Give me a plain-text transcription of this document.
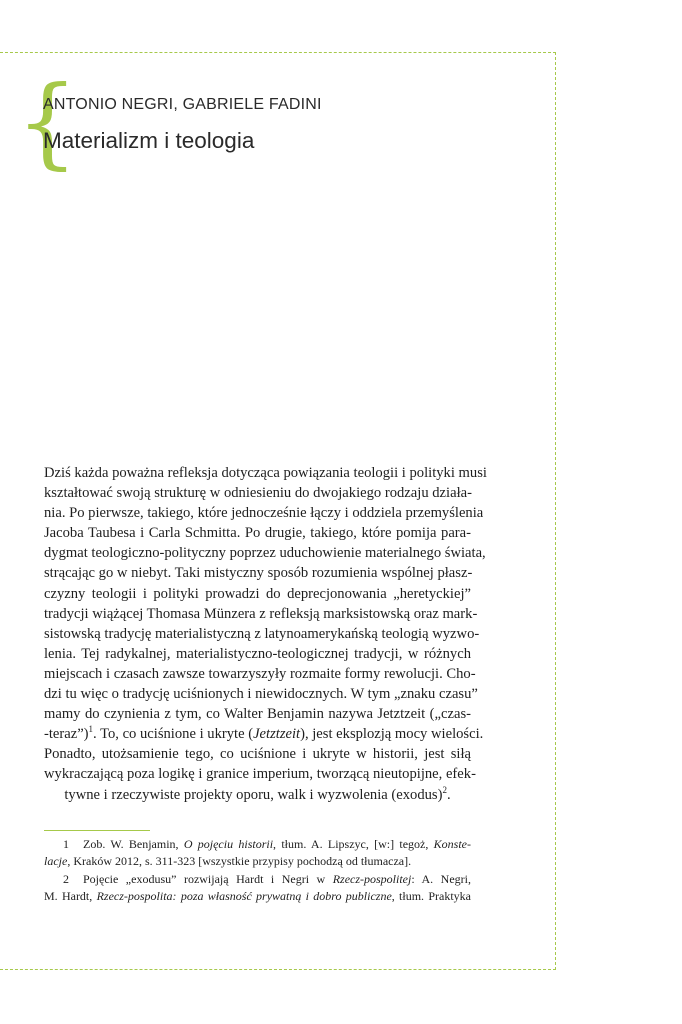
{
ANTONIO NEGRI, GABRIELE FADINI
Materializm i teologia
Dziś każda poważna refleksja dotycząca powiązania teologii i polityki musi
kształtować swoją strukturę w odniesieniu do dwojakiego rodzaju działa-
nia. Po pierwsze, takiego, które jednocześnie łączy i oddziela przemyślenia
Jacoba Taubesa i Carla Schmitta. Po drugie, takiego, które pomija para-
dygmat teologiczno-polityczny poprzez uduchowienie materialnego świata,
strącając go w niebyt. Taki mistyczny sposób rozumienia wspólnej płasz-
czyzny teologii i polityki prowadzi do deprecjonowania „heretyckiej”
tradycji wiążącej Thomasa Münzera z refleksją marksistowską oraz mark-
sistowską tradycję materialistyczną z latynoamerykańską teologią wyzwo-
lenia. Tej radykalnej, materialistyczno-teologicznej tradycji, w różnych
miejscach i czasach zawsze towarzyszyły rozmaite formy rewolucji. Cho-
dzi tu więc o tradycję uciśnionych i niewidocznych. W tym „znaku czasu”
mamy do czynienia z tym, co Walter Benjamin nazywa Jetztzeit („czas-
-teraz”)$^1$. To, co uciśnione i ukryte (Jetztzeit), jest eksplozją mocy wielości.
Ponadto, utożsamienie tego, co uciśnione i ukryte w historii, jest siłą
wykraczającą poza logikę i granice imperium, tworzącą nieutopijne, efek-
tywne i rzeczywiste projekty oporu, walk i wyzwolenia (exodus)$^2$.
1 Zob. W. Benjamin, O pojęciu historii, tłum. A. Lipszyc, [w:] tegoż, Konste-
lacje, Kraków 2012, s. 311-323 [wszystkie przypisy pochodzą od tłumacza].
2 Pojęcie „exodusu” rozwijają Hardt i Negri w Rzecz-pospolitej: A. Negri,
M. Hardt, Rzecz-pospolita: poza własność prywatną i dobro publiczne, tłum. Praktyka
